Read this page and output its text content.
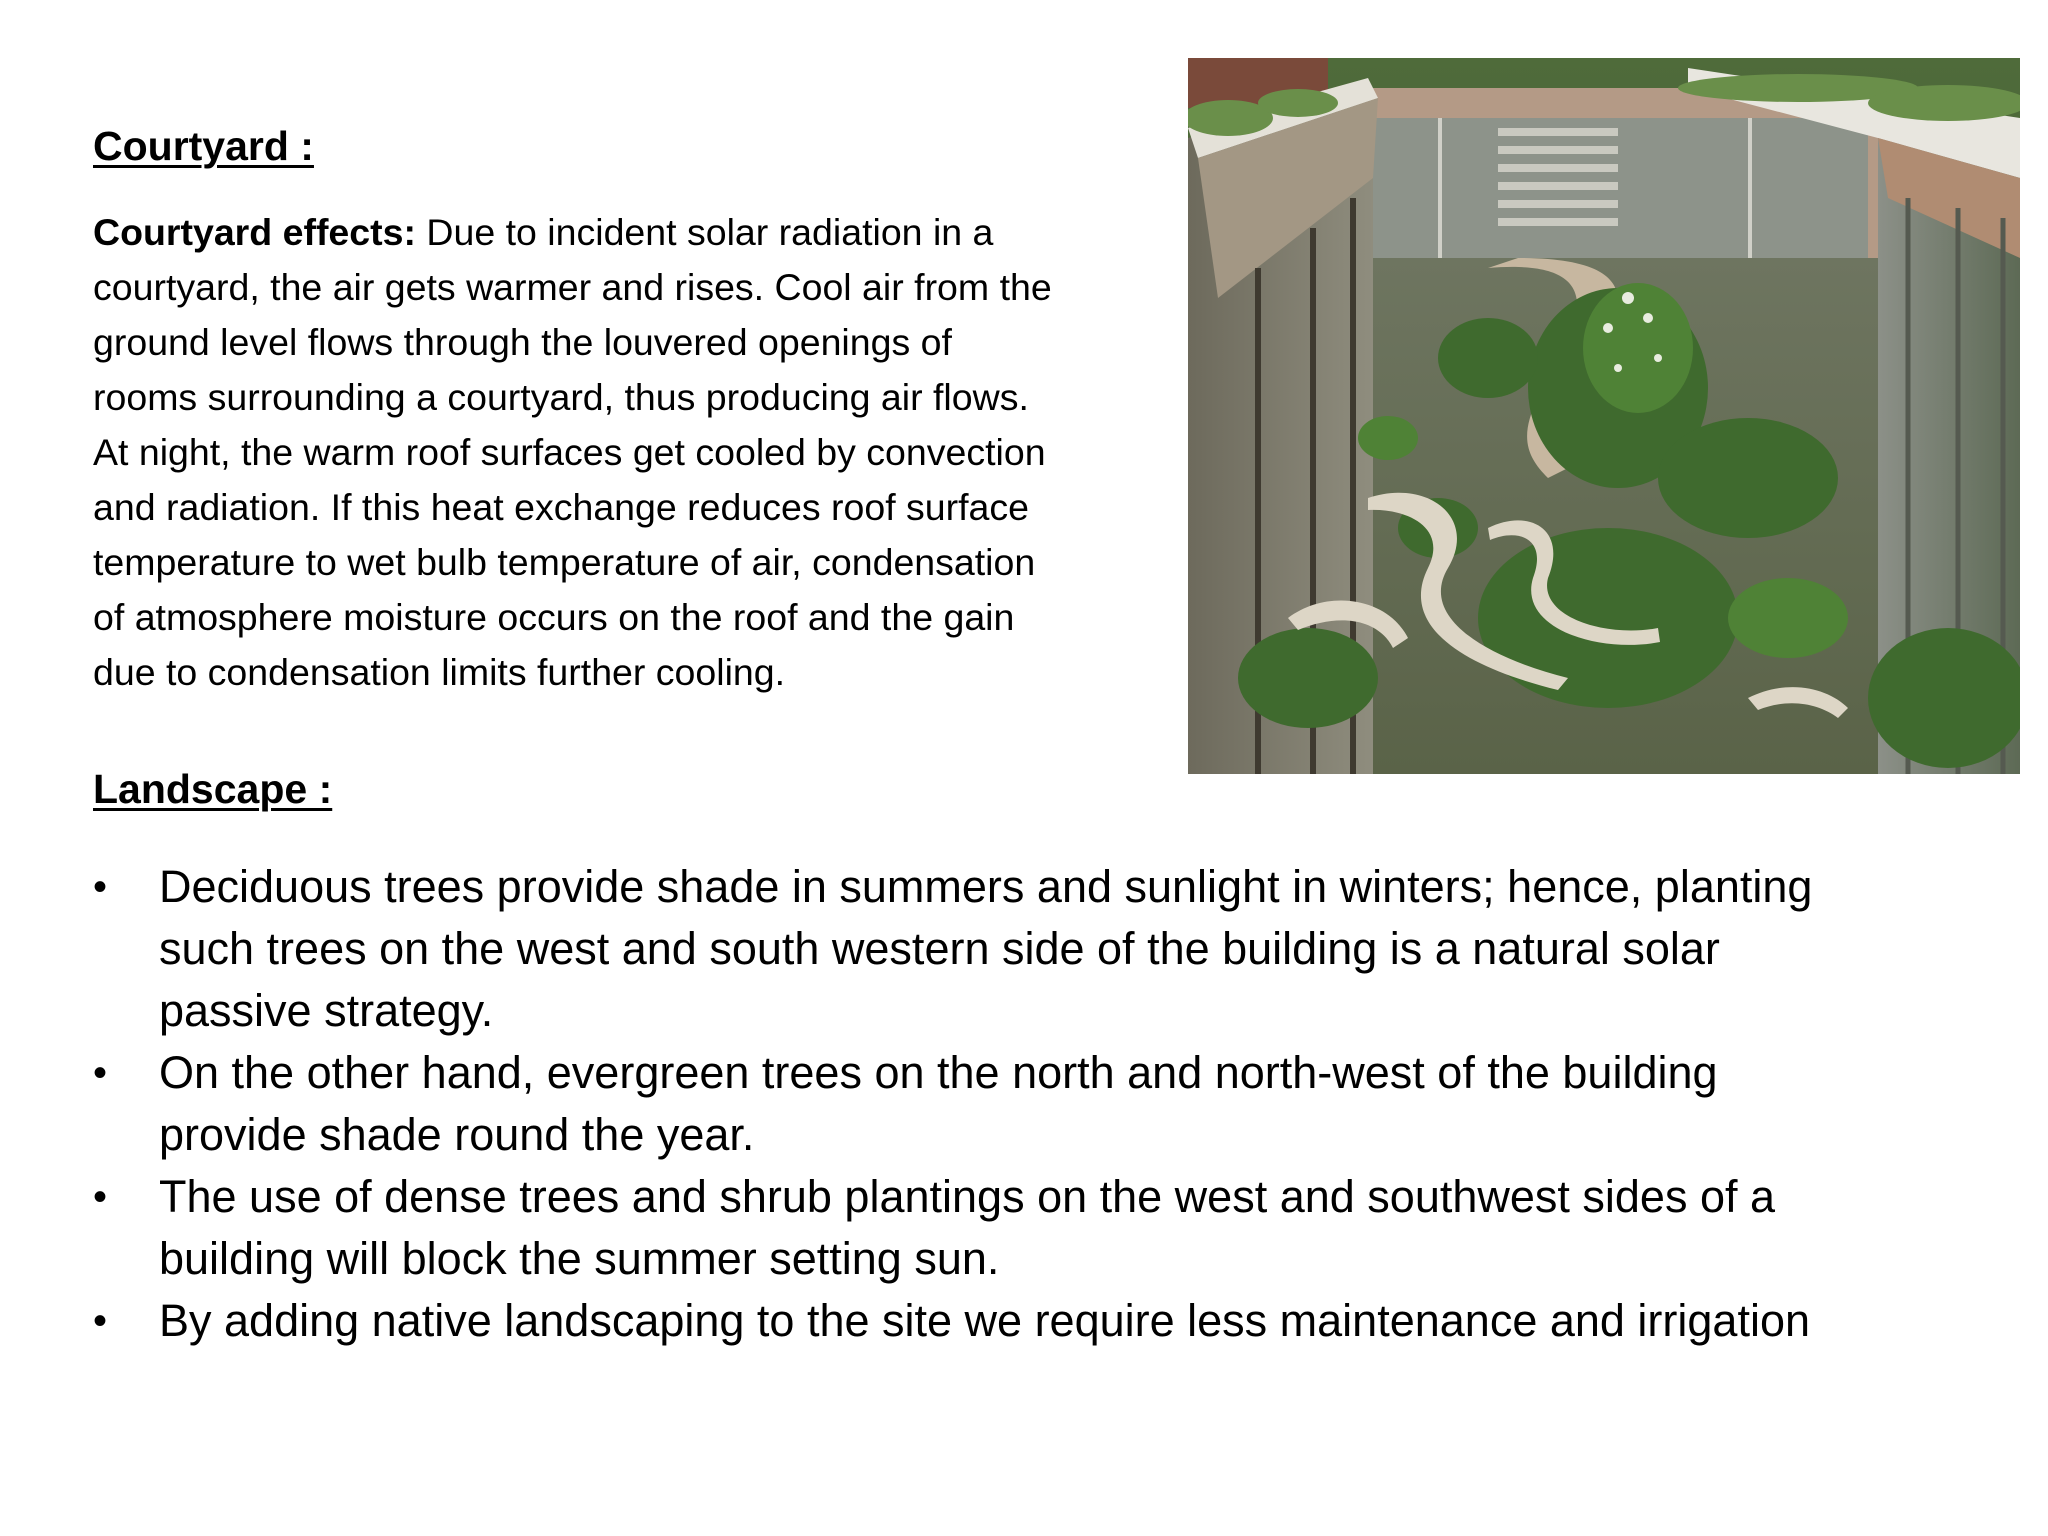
Courtyard :
Courtyard effects: Due to incident solar radiation in a
courtyard, the air gets warmer and rises. Cool air from the
ground level flows through the louvered openings of
rooms surrounding a courtyard, thus producing air flows.
At night, the warm roof surfaces get cooled by convection
and radiation. If this heat exchange reduces roof surface
temperature to wet bulb temperature of air, condensation
of atmosphere moisture occurs on the roof and the gain
due to condensation limits further cooling.
Landscape :
• Deciduous trees provide shade in summers and sunlight in winters; hence, planting
such trees on the west and south western side of the building is a natural solar
passive strategy.
• On the other hand, evergreen trees on the north and north-west of the building
provide shade round the year.
• The use of dense trees and shrub plantings on the west and southwest sides of a
building will block the summer setting sun.
• By adding native landscaping to the site we require less maintenance and irrigation
